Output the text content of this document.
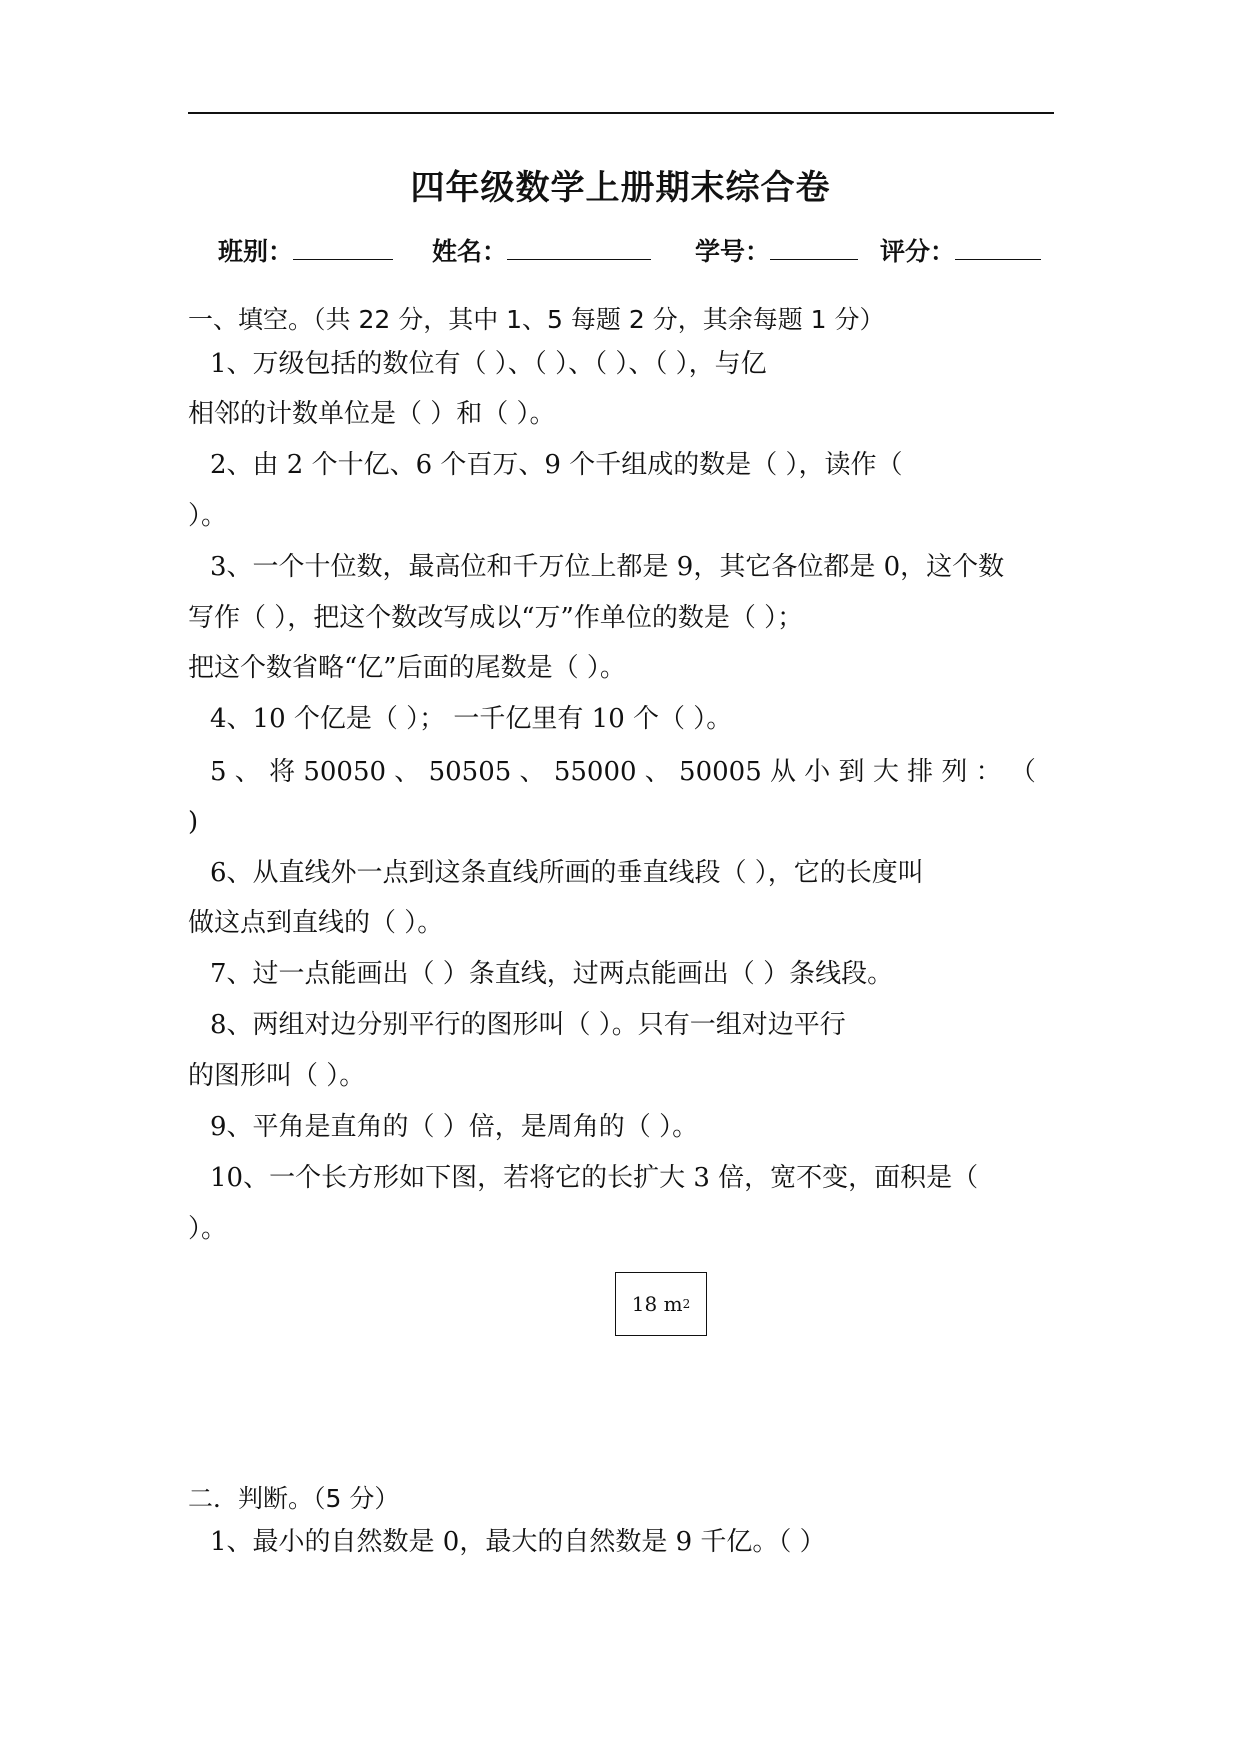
四年级数学上册期末综合卷
班别：	姓名：	学号：	评分：
一、填空。（共 22 分，其中 1、5 每题 2 分，其余每题 1 分）
1、万级包括的数位有（ ）、（ ）、（ ）、（ ），与亿
相邻的计数单位是（ ）和（ ）。
2、由 2 个十亿、6 个百万、9 个千组成的数是（ ），读作（
）。
3、一个十位数，最高位和千万位上都是 9，其它各位都是 0，这个数
写作（ ），把这个数改写成以“万”作单位的数是（ ）；
把这个数省略“亿”后面的尾数是（ ）。
4、10 个亿是（ ）； 一千亿里有 10 个（ ）。
5 、 将 50050 、 50505 、 55000 、 50005 从 小 到 大 排 列 ： （
)
6、从直线外一点到这条直线所画的垂直线段（ ），它的长度叫
做这点到直线的（ ）。
7、过一点能画出（ ）条直线，过两点能画出（ ）条线段。
8、两组对边分别平行的图形叫（ ）。只有一组对边平行
的图形叫（ ）。
9、平角是直角的（ ）倍，是周角的（ ）。
10、一个长方形如下图，若将它的长扩大 3 倍，宽不变，面积是（
）。
18 m 2
二．判断。（5 分）
1、最小的自然数是 0，最大的自然数是 9 千亿。（ ）
